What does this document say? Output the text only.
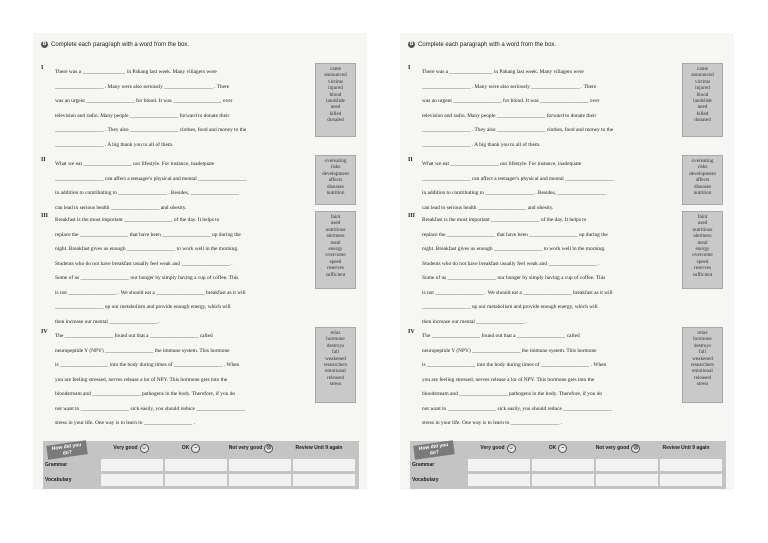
B Complete each paragraph with a word from the box.
I
There was a ________________ in Pahang last week. Many villagers were
__________________ . Many were also seriously __________________ . There
was an urgent __________________ for blood. It was __________________ over
television and radio. Many people __________________ forward to donate their
__________________ . They also __________________ clothes, food and money to the
__________________ . A big thank you to all of them.
came
announced
victims
injured
blood
landslide
need
killed
donated
II
What we eat __________________ our lifestyle. For instance, inadequate
__________________ can affect a teenager's physical and mental __________________
in addition to contributing to __________________ . Besides, __________________
can lead to serious health __________________ and obesity.
overeating
risks
development
affects
diseases
nutrition
III
Breakfast is the most important __________________ of the day. It helps to
replace the __________________ that have been __________________ up during the
night. Breakfast gives us enough __________________ to work well in the morning.
Students who do not have breakfast usually feel weak and __________________ .
Some of us __________________ our hunger by simply having a cup of coffee. This
is not __________________ . We should eat a __________________ breakfast as it will
__________________ up our metabolism and provide enough energy, which will
then increase our mental __________________ .
faint
used
nutritious
alertness
meal
energy
overcome
speed
reserves
sufficient
IV
The __________________ found out that a __________________ called
neuropeptide Y (NPY) __________________ the immune system. This hormone
is __________________ into the body during times of __________________ . When
you are feeling stressed, nerves release a lot of NPY. This hormone gets into the
bloodstream and __________________ pathogens in the body. Therefore, if you do
not want to __________________ sick easily, you should reduce __________________
stress in your life. One way is to learn to __________________ .
relax
hormone
destroys
fall
weakened
researchers
emotional
released
stress
How did you do?
Very good ☺	OK	–	Not very good ☹	Review Unit 9 again
Grammar
Vocabulary
B Complete each paragraph with a word from the box.
I
There was a ________________ in Pahang last week. Many villagers were
__________________ . Many were also seriously __________________ . There
was an urgent __________________ for blood. It was __________________ over
television and radio. Many people __________________ forward to donate their
__________________ . They also __________________ clothes, food and money to the
__________________ . A big thank you to all of them.
came
announced
victims
injured
blood
landslide
need
killed
donated
II
What we eat __________________ our lifestyle. For instance, inadequate
__________________ can affect a teenager's physical and mental __________________
in addition to contributing to __________________ . Besides, __________________
can lead to serious health __________________ and obesity.
overeating
risks
development
affects
diseases
nutrition
III
Breakfast is the most important __________________ of the day. It helps to
replace the __________________ that have been __________________ up during the
night. Breakfast gives us enough __________________ to work well in the morning.
Students who do not have breakfast usually feel weak and __________________ .
Some of us __________________ our hunger by simply having a cup of coffee. This
is not __________________ . We should eat a __________________ breakfast as it will
__________________ up our metabolism and provide enough energy, which will
then increase our mental __________________ .
faint
used
nutritious
alertness
meal
energy
overcome
speed
reserves
sufficient
IV
The __________________ found out that a __________________ called
neuropeptide Y (NPY) __________________ the immune system. This hormone
is __________________ into the body during times of __________________ . When
you are feeling stressed, nerves release a lot of NPY. This hormone gets into the
bloodstream and __________________ pathogens in the body. Therefore, if you do
not want to __________________ sick easily, you should reduce __________________
stress in your life. One way is to learn to __________________ .
relax
hormone
destroys
fall
weakened
researchers
emotional
released
stress
How did you do?
Very good ☺	OK	–	Not very good ☹	Review Unit 9 again
Grammar
Vocabulary
